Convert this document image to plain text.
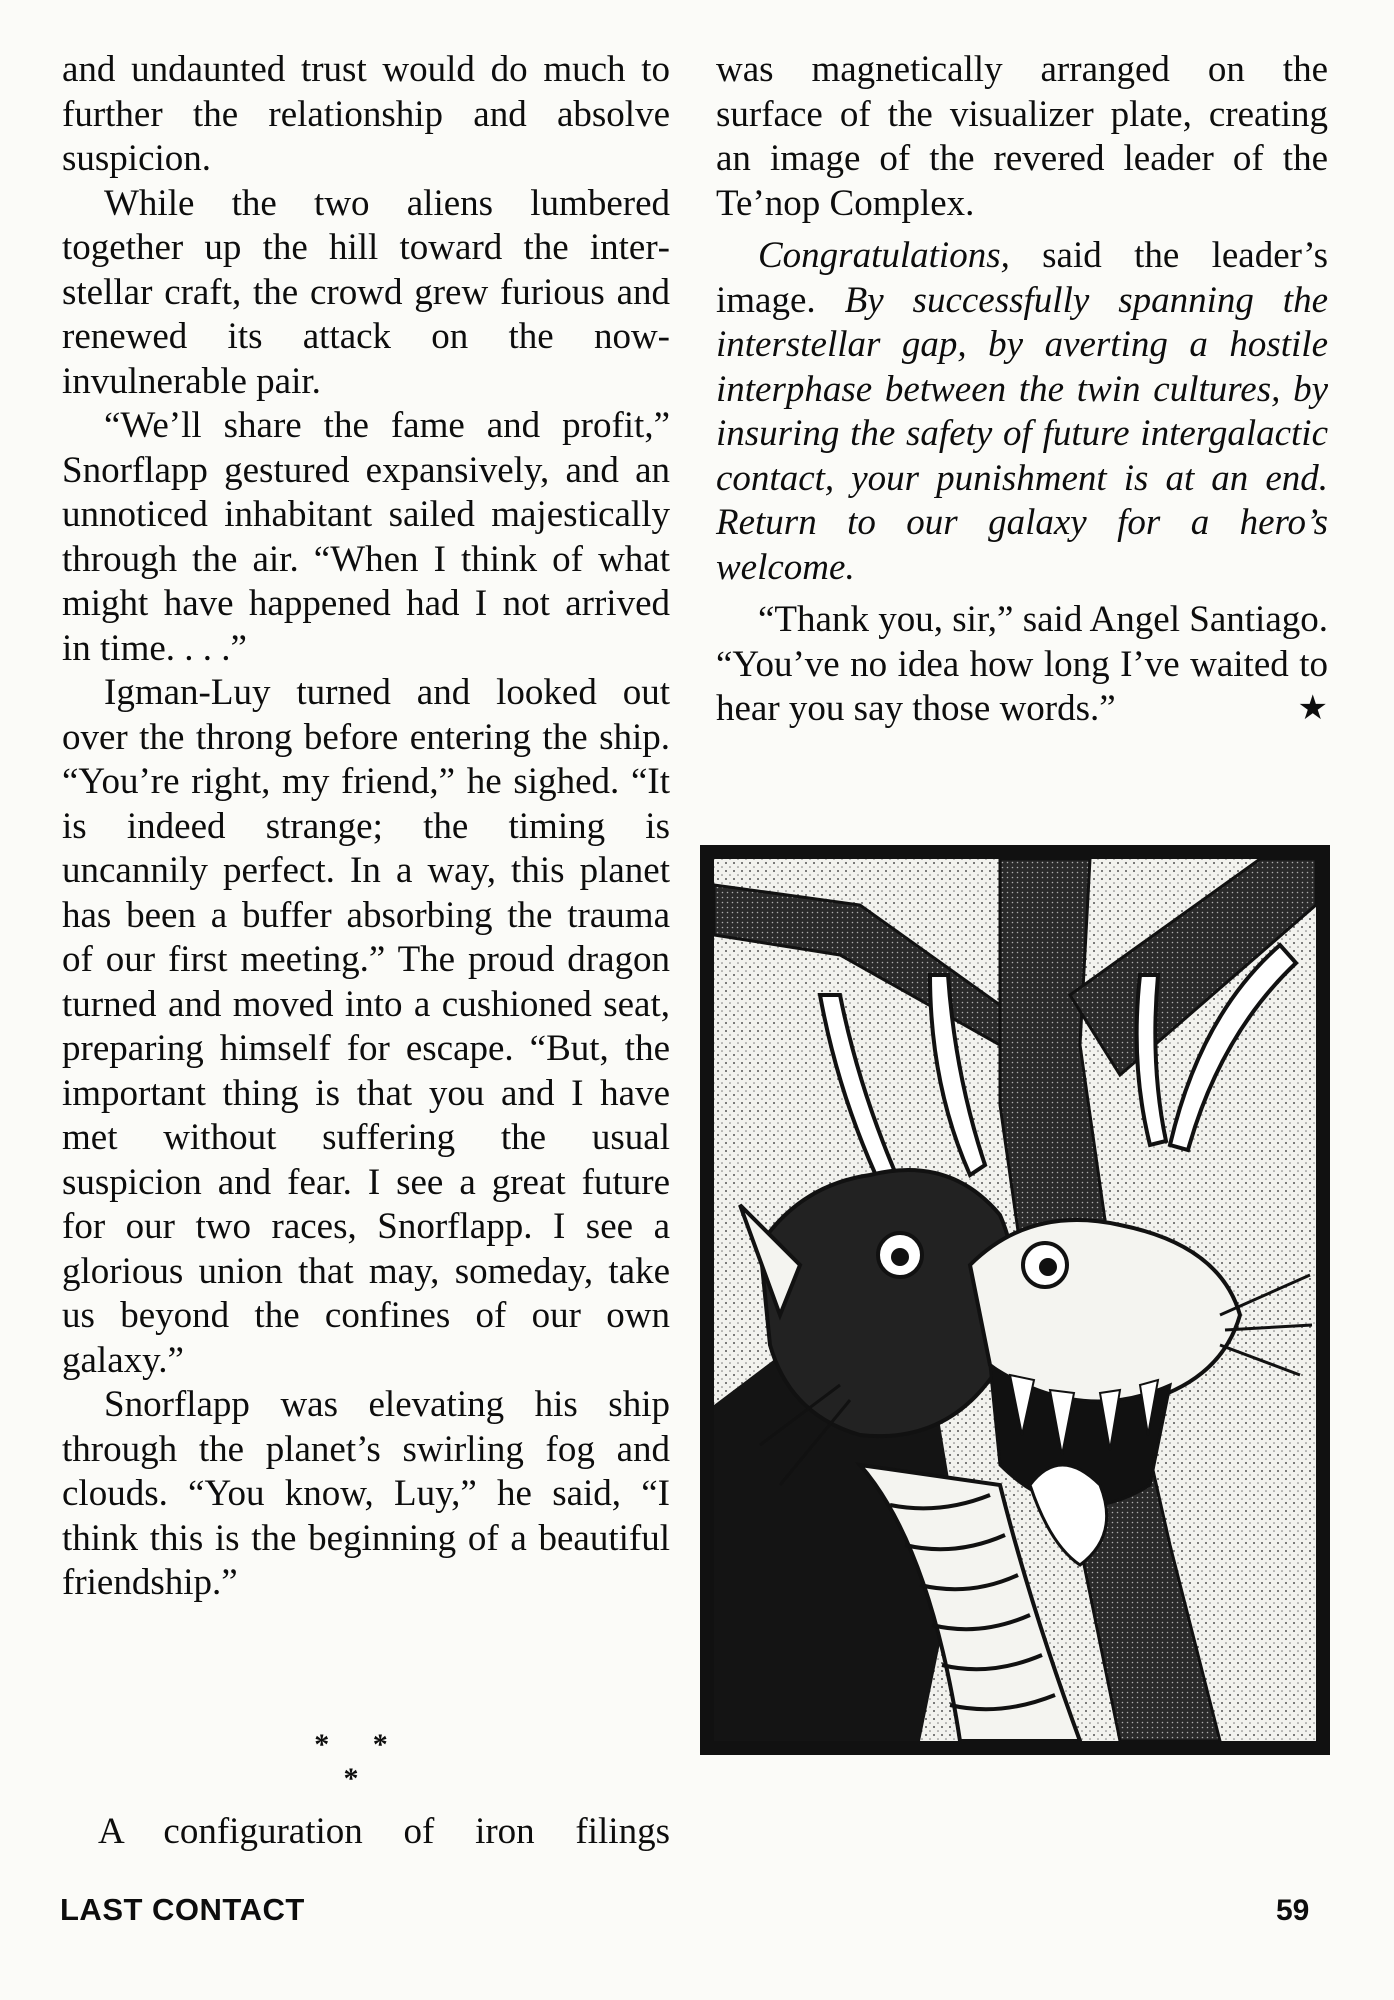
and undaunted trust would do much to further the relationship and absolve suspicion.

While the two aliens lumbered together up the hill toward the interstellar craft, the crowd grew furious and renewed its attack on the now-invulnerable pair.

“We’ll share the fame and profit,” Snorflapp gestured expansively, and an unnoticed inhabitant sailed majestically through the air. “When I think of what might have happened had I not arrived in time. . . .”

Igman-Luy turned and looked out over the throng before entering the ship. “You’re right, my friend,” he sighed. “It is indeed strange; the timing is uncannily perfect. In a way, this planet has been a buffer absorbing the trauma of our first meeting.” The proud dragon turned and moved into a cushioned seat, preparing himself for escape. “But, the important thing is that you and I have met without suffering the usual suspicion and fear. I see a great future for our two races, Snorflapp. I see a glorious union that may, someday, take us beyond the confines of our own galaxy.”

Snorflapp was elevating his ship through the planet’s swirling fog and clouds. “You know, Luy,” he said, “I think this is the beginning of a beautiful friendship.”

* * *
A configuration of iron filings

was magnetically arranged on the surface of the visualizer plate, creating an image of the revered leader of the Te’nop Complex.

Congratulations, said the leader’s image. By successfully spanning the interstellar gap, by averting a hostile interphase between the twin cultures, by insuring the safety of future intergalactic contact, your punishment is at an end. Return to our galaxy for a hero’s welcome.

“Thank you, sir,” said Angel Santiago. “You’ve no idea how long I’ve waited to hear you say those words.”	★

LAST CONTACT	59
